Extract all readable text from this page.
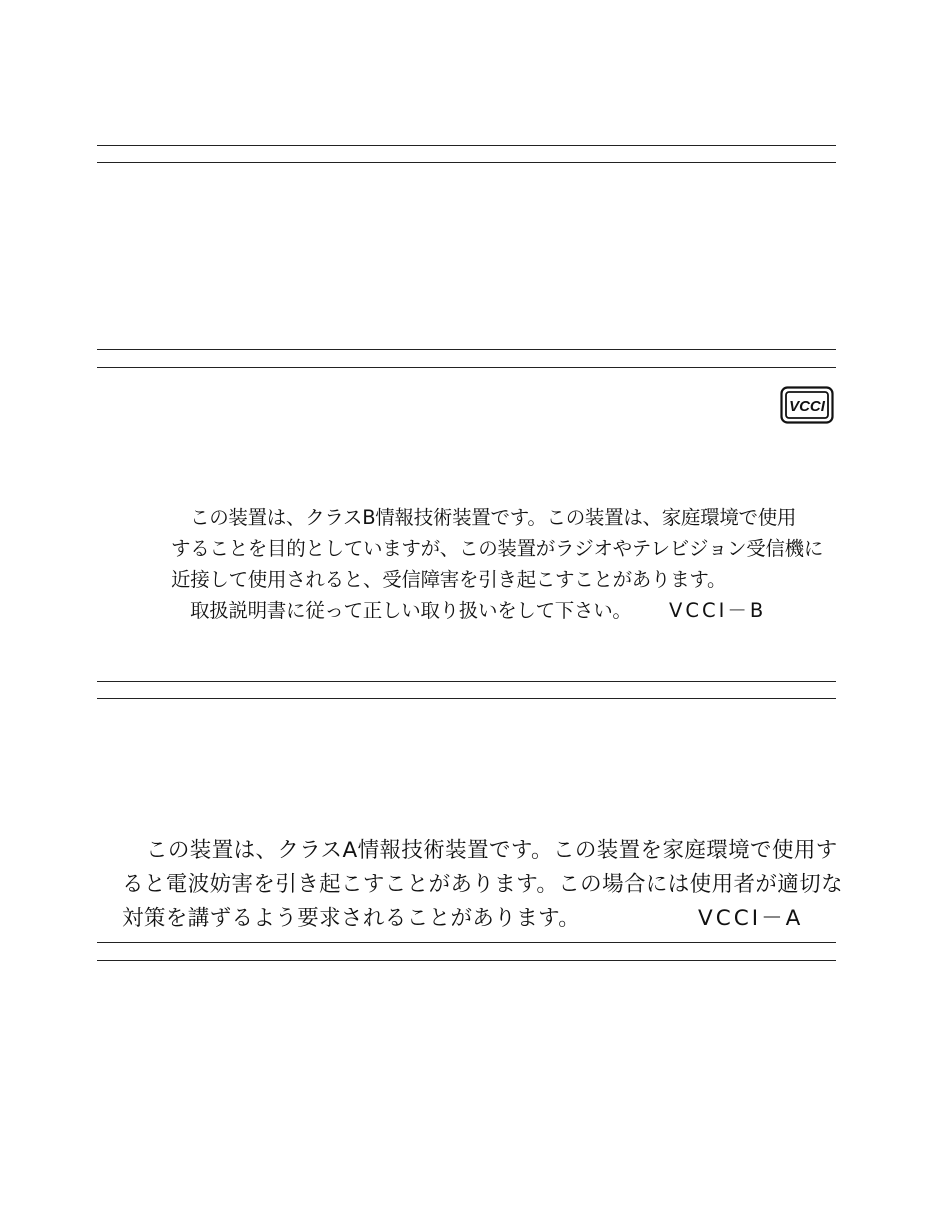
VCCI
この装置は、クラスB情報技術装置です。この装置は、家庭環境で使用
することを目的としていますが、この装置がラジオやテレビジョン受信機に
近接して使用されると、受信障害を引き起こすことがあります。
取扱説明書に従って正しい取り扱いをして下さい。 VCCI－B
この装置は、クラスA情報技術装置です。この装置を家庭環境で使用す
ると電波妨害を引き起こすことがあります。この場合には使用者が適切な
対策を講ずるよう要求されることがあります。	VCCI－A
